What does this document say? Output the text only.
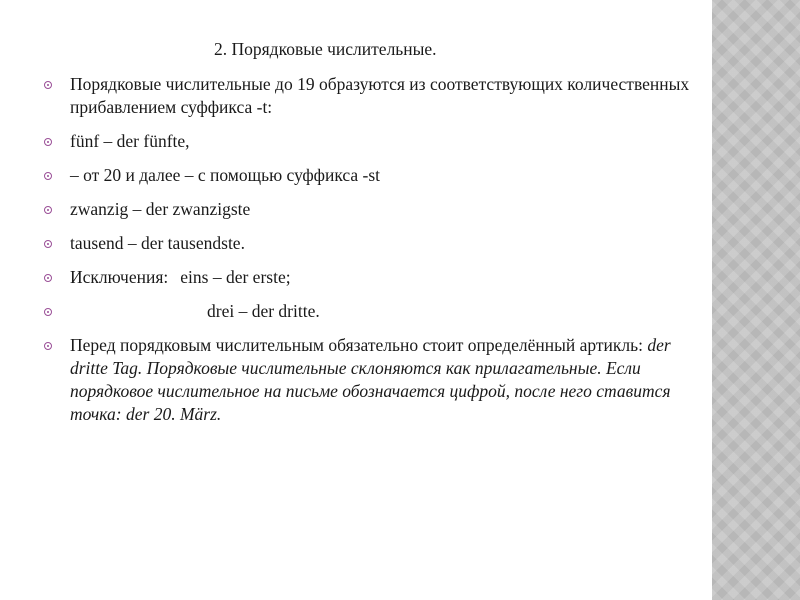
2. Порядковые числительные.
Порядковые числительные до 19 образуются из соответствующих количественных прибавлением суффикса -t:
fünf – der fünfte,
– от 20 и далее – с помощью суффикса -st
zwanzig – der zwanzigste
tausend – der tausendste.
Исключения: eins – der erste;
drei – der dritte.
Перед порядковым числительным обязательно стоит определённый артикль: der dritte Tag. Порядковые числительные склоняются как прилагательные. Если порядковое числительное на письме обозначается цифрой, после него ставится точка: der 20. März.
